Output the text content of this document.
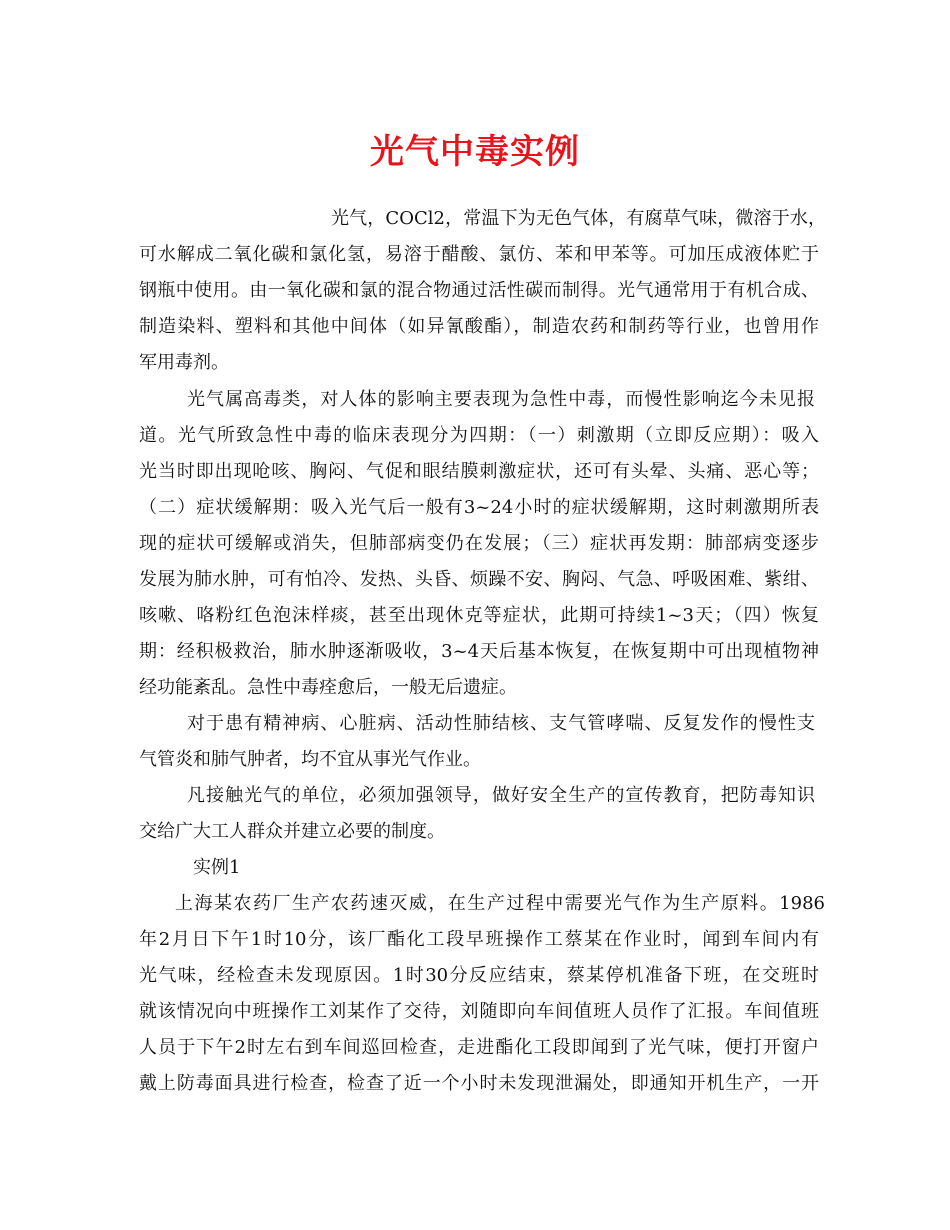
光气中毒实例

光气，COCl2，常温下为无色气体，有腐草气味，微溶于水，

可水解成二氧化碳和氯化氢，易溶于醋酸、氯仿、苯和甲苯等。可加压成液体贮于

钢瓶中使用。由一氧化碳和氯的混合物通过活性碳而制得。光气通常用于有机合成、

制造染料、塑料和其他中间体（如异氰酸酯），制造农药和制药等行业，也曾用作

军用毒剂。

光气属高毒类，对人体的影响主要表现为急性中毒，而慢性影响迄今未见报

道。光气所致急性中毒的临床表现分为四期：（一）刺激期（立即反应期）：吸入

光当时即出现呛咳、胸闷、气促和眼结膜刺激症状，还可有头晕、头痛、恶心等；

（二）症状缓解期：吸入光气后一般有3~24小时的症状缓解期，这时刺激期所表

现的症状可缓解或消失，但肺部病变仍在发展；（三）症状再发期：肺部病变逐步

发展为肺水肿，可有怕冷、发热、头昏、烦躁不安、胸闷、气急、呼吸困难、紫绀、

咳嗽、咯粉红色泡沫样痰，甚至出现休克等症状，此期可持续1~3天；（四）恢复

期：经积极救治，肺水肿逐渐吸收，3~4天后基本恢复，在恢复期中可出现植物神

经功能紊乱。急性中毒痊愈后，一般无后遗症。

对于患有精神病、心脏病、活动性肺结核、支气管哮喘、反复发作的慢性支

气管炎和肺气肿者，均不宜从事光气作业。

凡接触光气的单位，必须加强领导，做好安全生产的宣传教育，把防毒知识

交给广大工人群众并建立必要的制度。

实例1

上海某农药厂生产农药速灭威，在生产过程中需要光气作为生产原料。1986

年2月日下午1时10分，该厂酯化工段早班操作工蔡某在作业时，闻到车间内有

光气味，经检查未发现原因。1时30分反应结束，蔡某停机准备下班，在交班时

就该情况向中班操作工刘某作了交待，刘随即向车间值班人员作了汇报。车间值班

人员于下午2时左右到车间巡回检查，走进酯化工段即闻到了光气味，便打开窗户

戴上防毒面具进行检查，检查了近一个小时未发现泄漏处，即通知开机生产，一开
